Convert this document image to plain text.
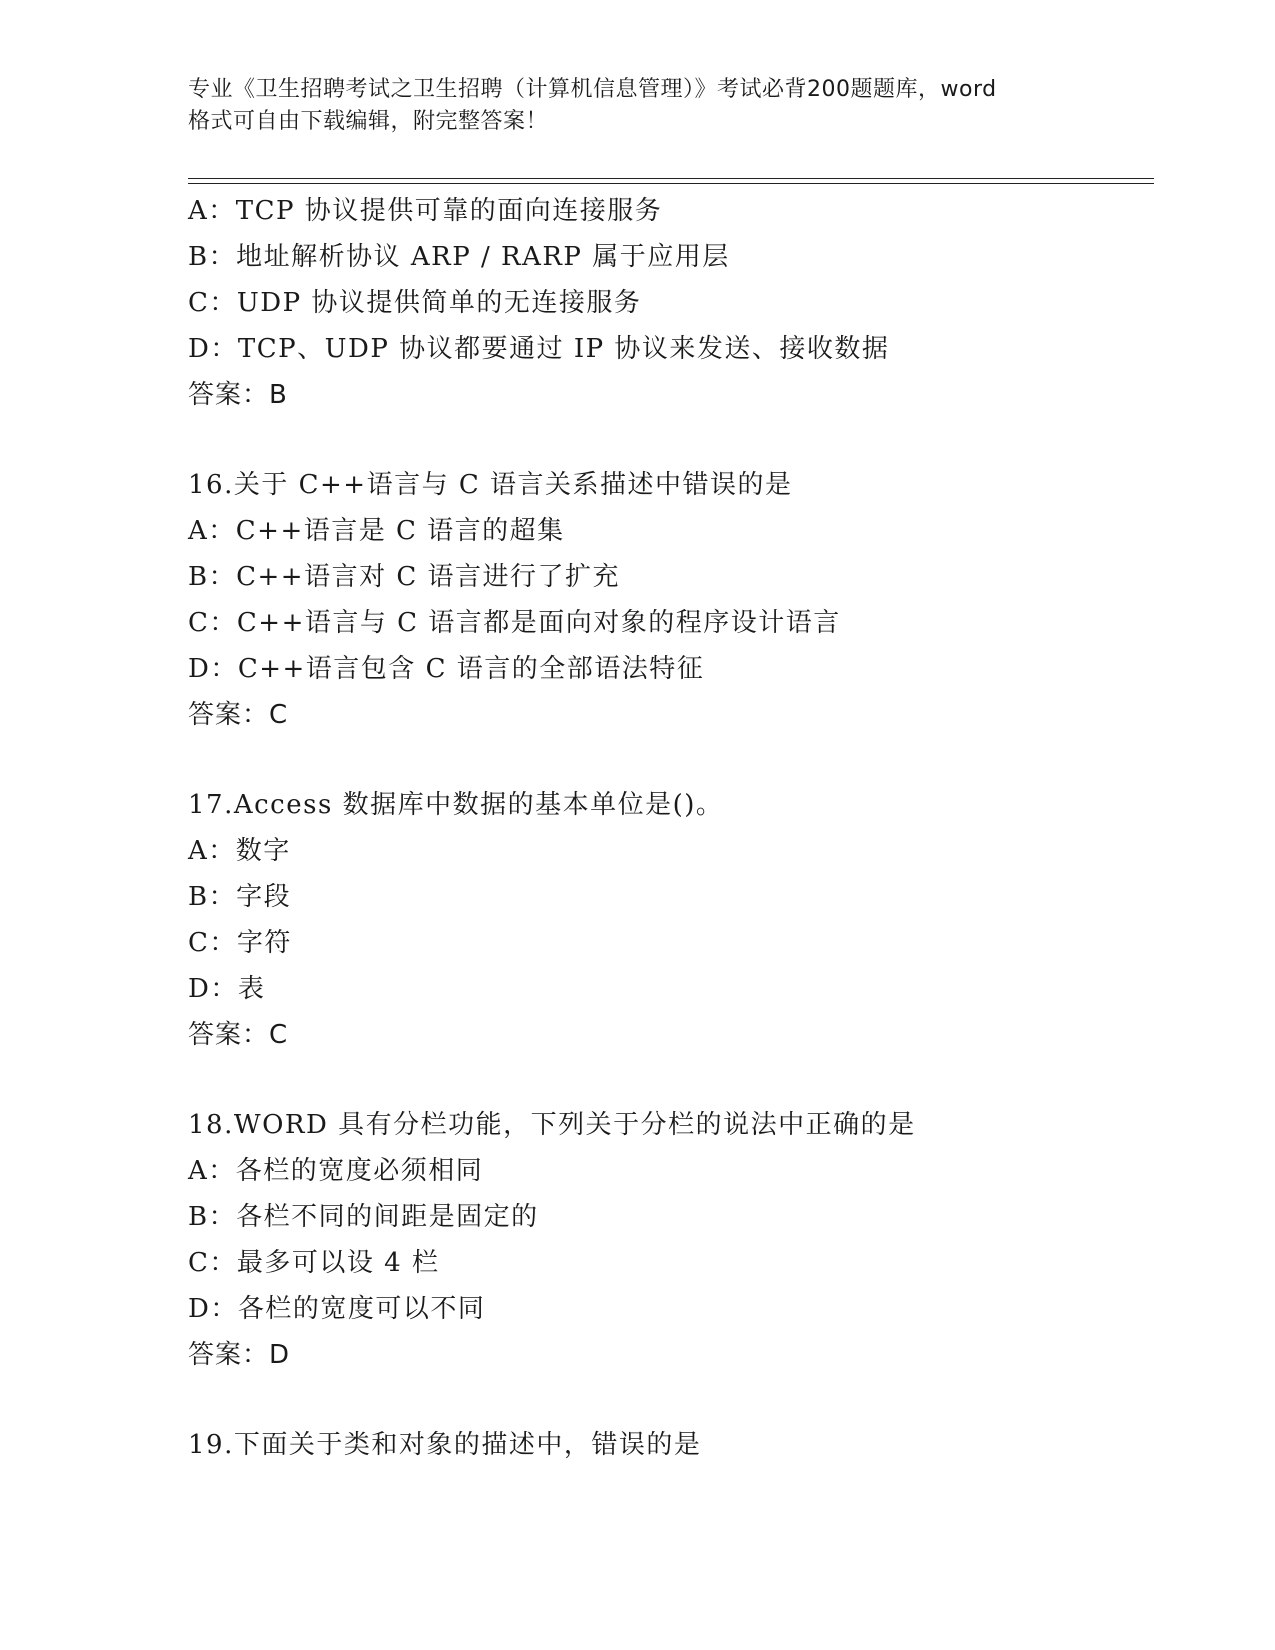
专业《卫生招聘考试之卫生招聘（计算机信息管理）》考试必背200题题库，word
格式可自由下载编辑，附完整答案！
A：TCP 协议提供可靠的面向连接服务
B：地址解析协议 ARP / RARP 属于应用层
C：UDP 协议提供简单的无连接服务
D：TCP、UDP 协议都要通过 IP 协议来发送、接收数据
答案：B
16.关于 C++语言与 C 语言关系描述中错误的是
A：C++语言是 C 语言的超集
B：C++语言对 C 语言进行了扩充
C：C++语言与 C 语言都是面向对象的程序设计语言
D：C++语言包含 C 语言的全部语法特征
答案：C
17.Access 数据库中数据的基本单位是()。
A：数字
B：字段
C：字符
D：表
答案：C
18.WORD 具有分栏功能，下列关于分栏的说法中正确的是
A：各栏的宽度必须相同
B：各栏不同的间距是固定的
C：最多可以设 4 栏
D：各栏的宽度可以不同
答案：D
19.下面关于类和对象的描述中，错误的是
